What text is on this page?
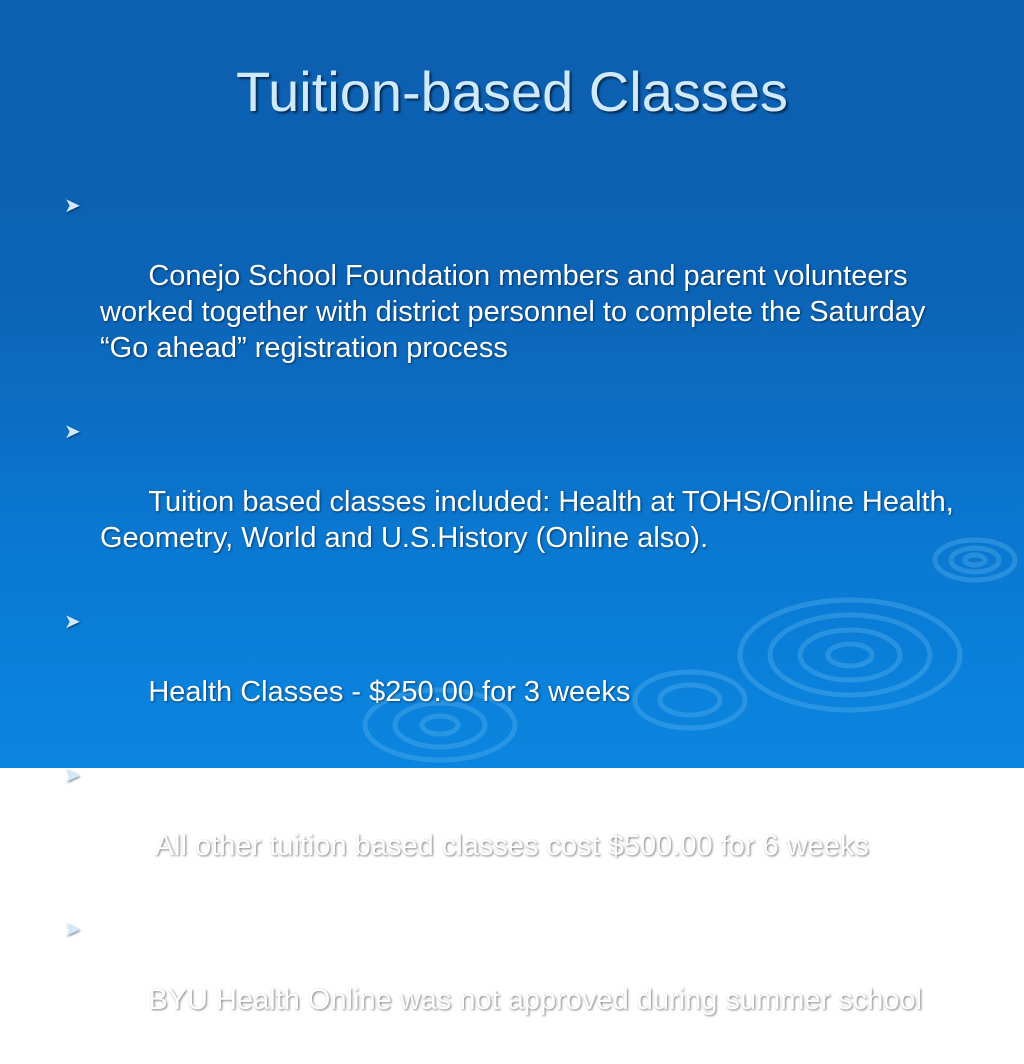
Tuition-based Classes

➤

Conejo School Foundation members and parent volunteers worked together with district personnel to complete the Saturday “Go ahead” registration process

➤

Tuition based classes included: Health at TOHS/Online Health, Geometry, World and U.S.History (Online also).

➤

Health Classes - $250.00 for 3 weeks

➤

All other tuition based classes cost $500.00 for 6 weeks

➤

BYU Health Online was not approved during summer school
